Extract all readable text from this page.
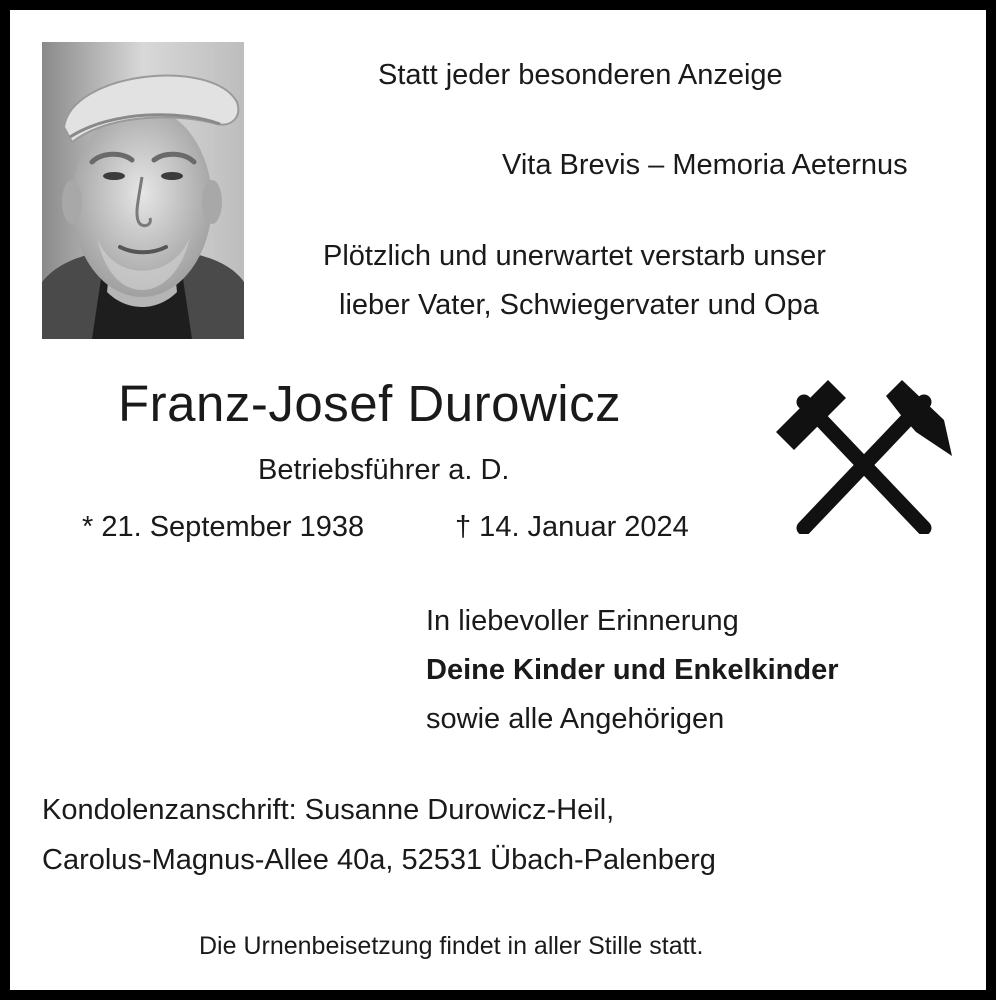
Statt jeder besonderen Anzeige
Vita Brevis – Memoria Aeternus
Plötzlich und unerwartet verstarb unser
lieber Vater, Schwiegervater und Opa
Franz-Josef Durowicz
Betriebsführer a. D.
* 21. September 1938	† 14. Januar 2024
In liebevoller Erinnerung
Deine Kinder und Enkelkinder
sowie alle Angehörigen
Kondolenzanschrift: Susanne Durowicz-Heil,
Carolus-Magnus-Allee 40a, 52531 Übach-Palenberg
Die Urnenbeisetzung findet in aller Stille statt.
